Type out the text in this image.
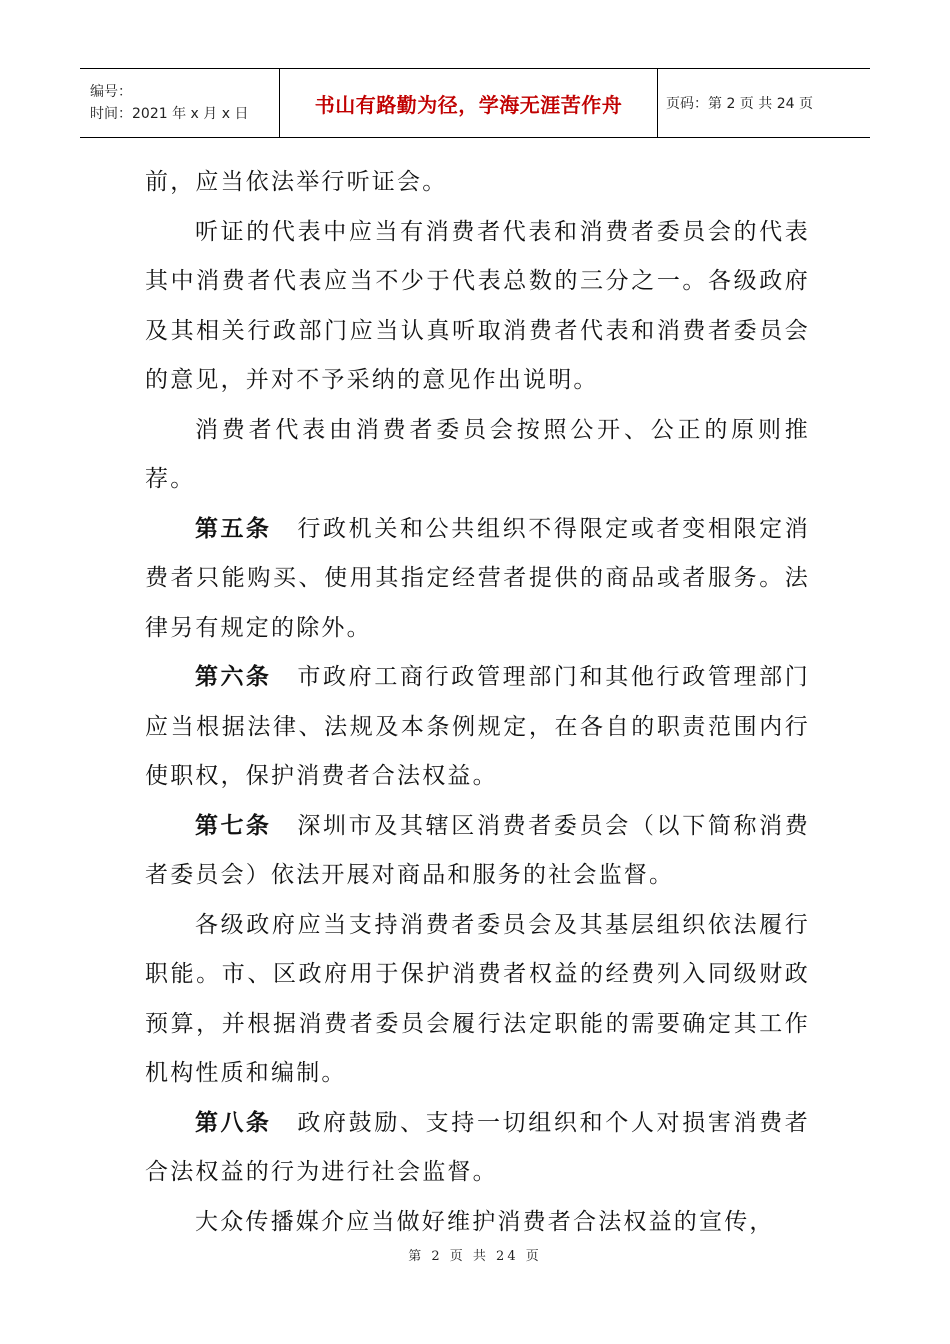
编号：
时间：2021 年 x 月 x 日	书山有路勤为径，学海无涯苦作舟	页码：第 2 页 共 24 页

前，应当依法举行听证会。

听证的代表中应当有消费者代表和消费者委员会的代表其中消费者代表应当不少于代表总数的三分之一。各级政府及其相关行政部门应当认真听取消费者代表和消费者委员会的意见，并对不予采纳的意见作出说明。

消费者代表由消费者委员会按照公开、公正的原则推荐。

第五条 行政机关和公共组织不得限定或者变相限定消费者只能购买、使用其指定经营者提供的商品或者服务。法律另有规定的除外。

第六条 市政府工商行政管理部门和其他行政管理部门应当根据法律、法规及本条例规定，在各自的职责范围内行使职权，保护消费者合法权益。

第七条 深圳市及其辖区消费者委员会（以下简称消费者委员会）依法开展对商品和服务的社会监督。

各级政府应当支持消费者委员会及其基层组织依法履行职能。市、区政府用于保护消费者权益的经费列入同级财政预算，并根据消费者委员会履行法定职能的需要确定其工作机构性质和编制。

第八条 政府鼓励、支持一切组织和个人对损害消费者合法权益的行为进行社会监督。

大众传播媒介应当做好维护消费者合法权益的宣传，

第 2 页 共 24 页
